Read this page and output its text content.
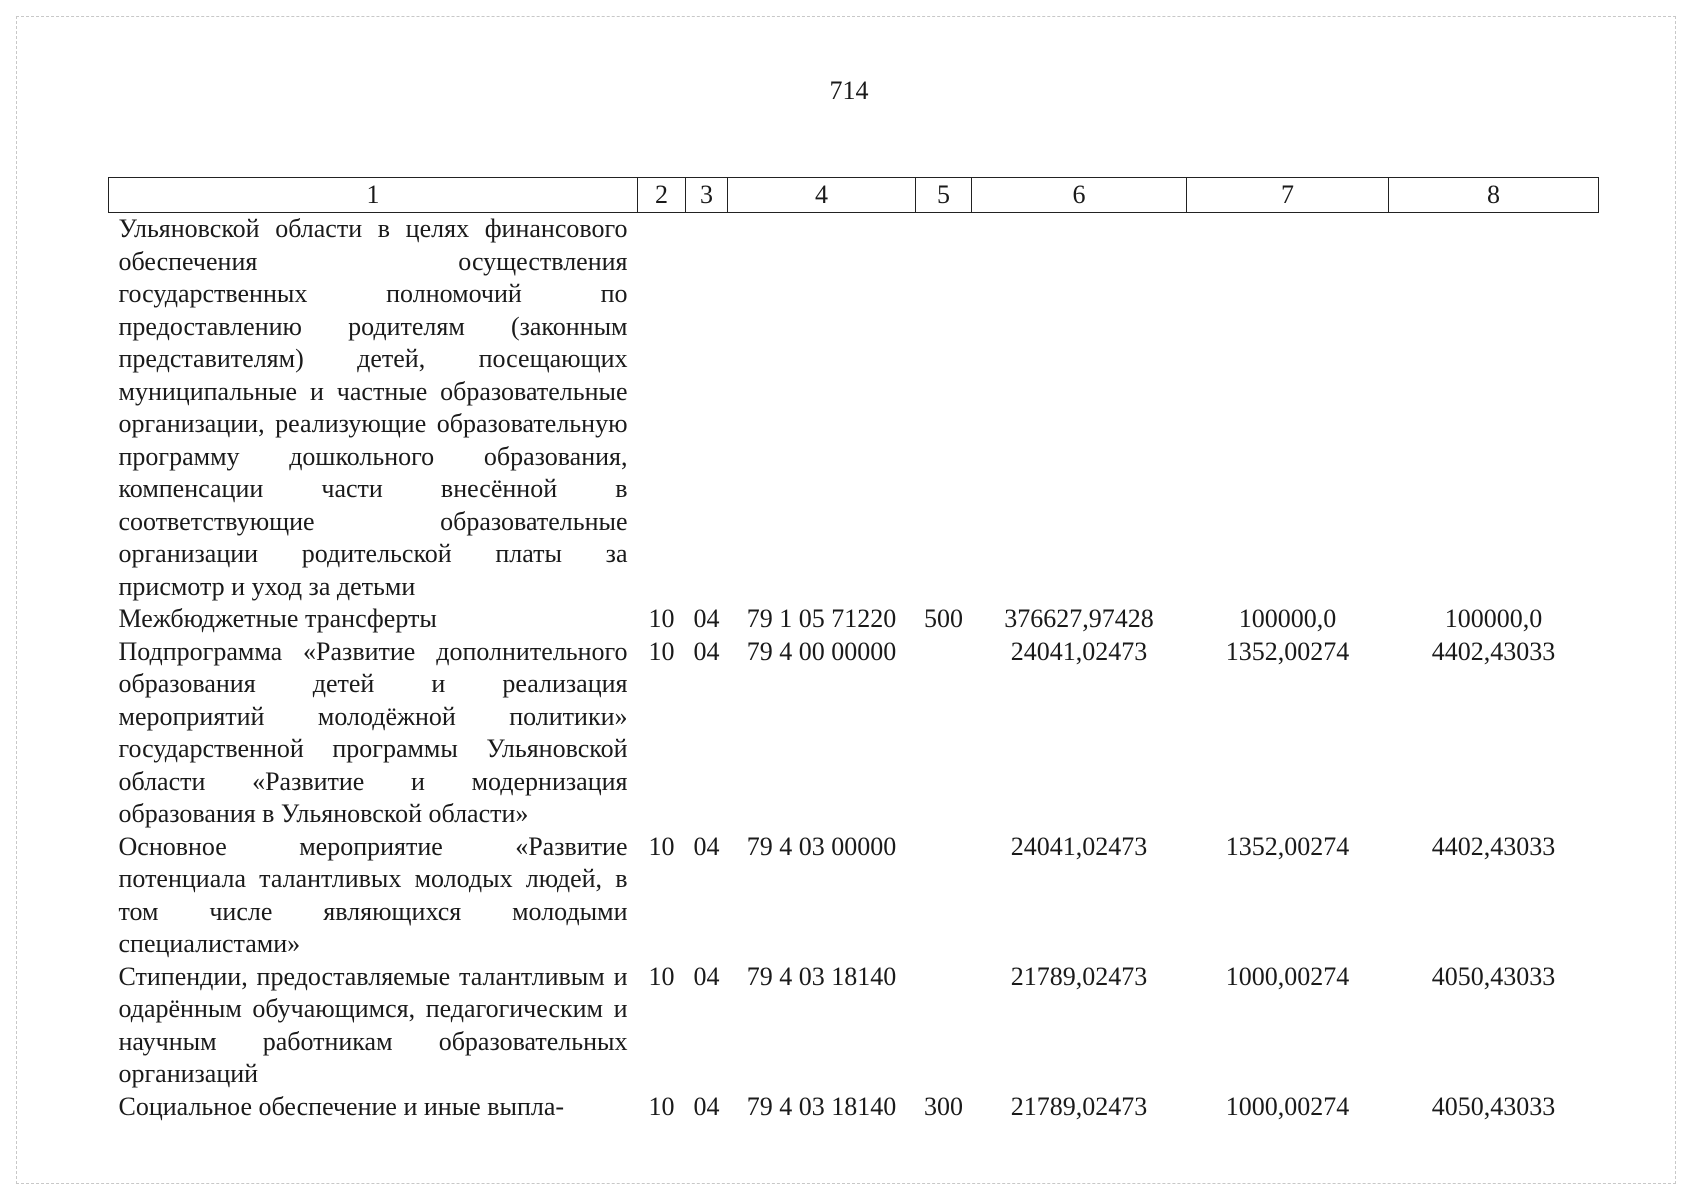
714
1	2	3	4	5	6	7	8
Ульяновской области в целях финансового обеспечения осуществления государственных полномочий по предоставлению родителям (законным представителям) детей, посещающих муниципальные и частные образовательные организации, реализующие образовательную программу дошкольного образования, компенсации части внесённой в соответствующие образовательные организации родительской платы за присмотр и уход за детьми							
Межбюджетные трансферты	10	04	79 1 05 71220	500	376627,97428	100000,0	100000,0
Подпрограмма «Развитие дополнительного образования детей и реализация мероприятий молодёжной политики» государственной программы Ульяновской области «Развитие и модернизация образования в Ульяновской области»	10	04	79 4 00 00000		24041,02473	1352,00274	4402,43033
Основное мероприятие «Развитие потенциала талантливых молодых людей, в том числе являющихся молодыми специалистами»	10	04	79 4 03 00000		24041,02473	1352,00274	4402,43033
Стипендии, предоставляемые талантливым и одарённым обучающимся, педагогическим и научным работникам образовательных организаций	10	04	79 4 03 18140		21789,02473	1000,00274	4050,43033
Социальное обеспечение и иные выпла-	10	04	79 4 03 18140	300	21789,02473	1000,00274	4050,43033
